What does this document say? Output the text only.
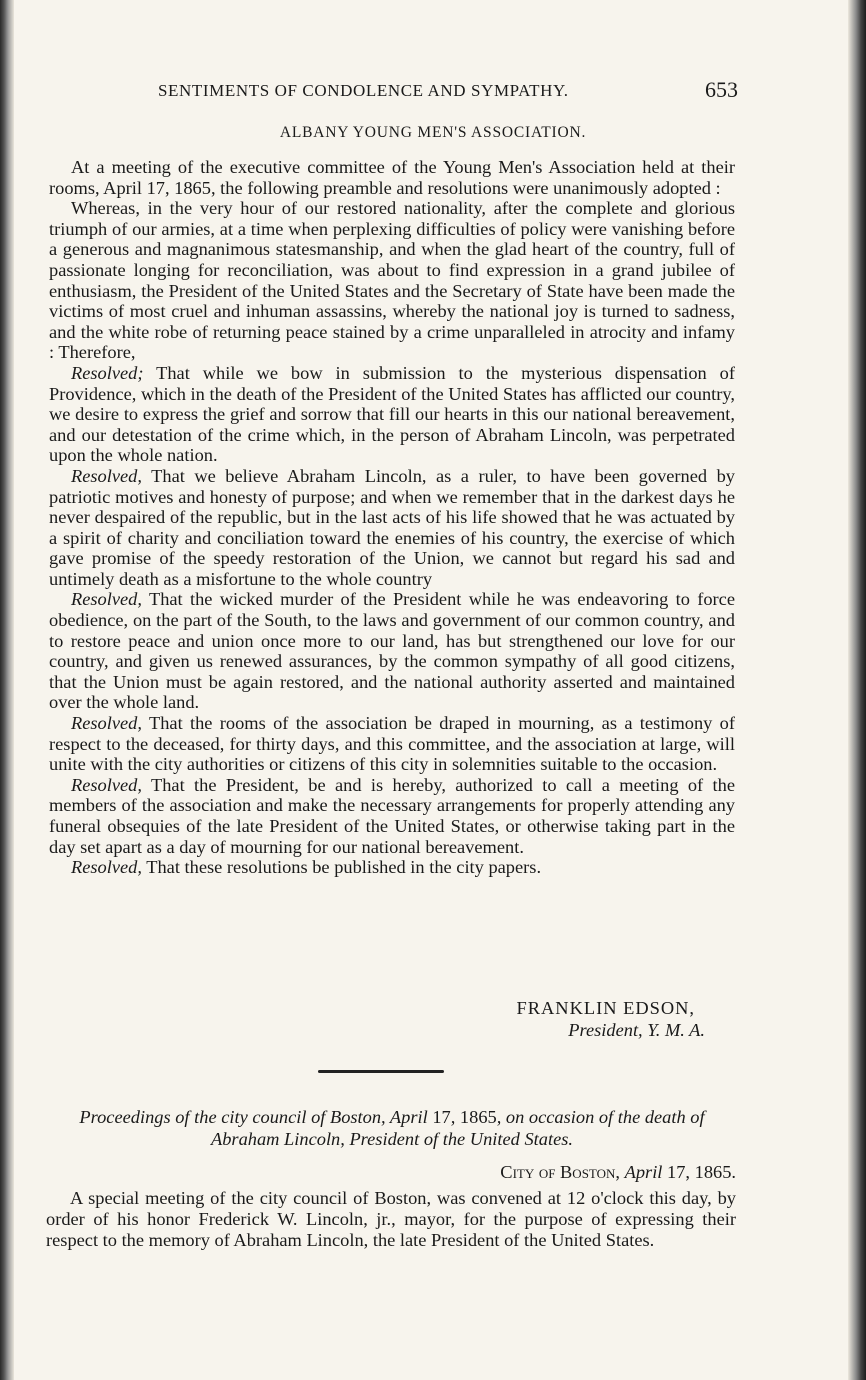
SENTIMENTS OF CONDOLENCE AND SYMPATHY.	653
ALBANY YOUNG MEN'S ASSOCIATION.

At a meeting of the executive committee of the Young Men's Association held at their rooms, April 17, 1865, the following preamble and resolutions were unanimously adopted :

Whereas, in the very hour of our restored nationality, after the complete and glorious triumph of our armies, at a time when perplexing difficulties of policy were vanishing before a generous and magnanimous statesmanship, and when the glad heart of the country, full of passionate longing for reconciliation, was about to find expression in a grand jubilee of enthusiasm, the President of the United States and the Secretary of State have been made the victims of most cruel and inhuman assassins, whereby the national joy is turned to sadness, and the white robe of returning peace stained by a crime unparalleled in atrocity and infamy : Therefore,

Resolved; That while we bow in submission to the mysterious dispensation of Providence, which in the death of the President of the United States has afflicted our country, we desire to express the grief and sorrow that fill our hearts in this our national bereavement, and our detestation of the crime which, in the person of Abraham Lincoln, was perpetrated upon the whole nation.

Resolved, That we believe Abraham Lincoln, as a ruler, to have been governed by patriotic motives and honesty of purpose; and when we remember that in the darkest days he never despaired of the republic, but in the last acts of his life showed that he was actuated by a spirit of charity and conciliation toward the enemies of his country, the exercise of which gave promise of the speedy restoration of the Union, we cannot but regard his sad and untimely death as a misfortune to the whole country

Resolved, That the wicked murder of the President while he was endeavoring to force obedience, on the part of the South, to the laws and government of our common country, and to restore peace and union once more to our land, has but strengthened our love for our country, and given us renewed assurances, by the common sympathy of all good citizens, that the Union must be again restored, and the national authority asserted and maintained over the whole land.

Resolved, That the rooms of the association be draped in mourning, as a testimony of respect to the deceased, for thirty days, and this committee, and the association at large, will unite with the city authorities or citizens of this city in solemnities suitable to the occasion.

Resolved, That the President, be and is hereby, authorized to call a meeting of the members of the association and make the necessary arrangements for properly attending any funeral obsequies of the late President of the United States, or otherwise taking part in the day set apart as a day of mourning for our national bereavement.

Resolved, That these resolutions be published in the city papers.

FRANKLIN EDSON,
President, Y. M. A.
Proceedings of the city council of Boston, April 17, 1865, on occasion of the death of Abraham Lincoln, President of the United States.
City of Boston, April 17, 1865.

A special meeting of the city council of Boston, was convened at 12 o'clock this day, by order of his honor Frederick W. Lincoln, jr., mayor, for the purpose of expressing their respect to the memory of Abraham Lincoln, the late President of the United States.
